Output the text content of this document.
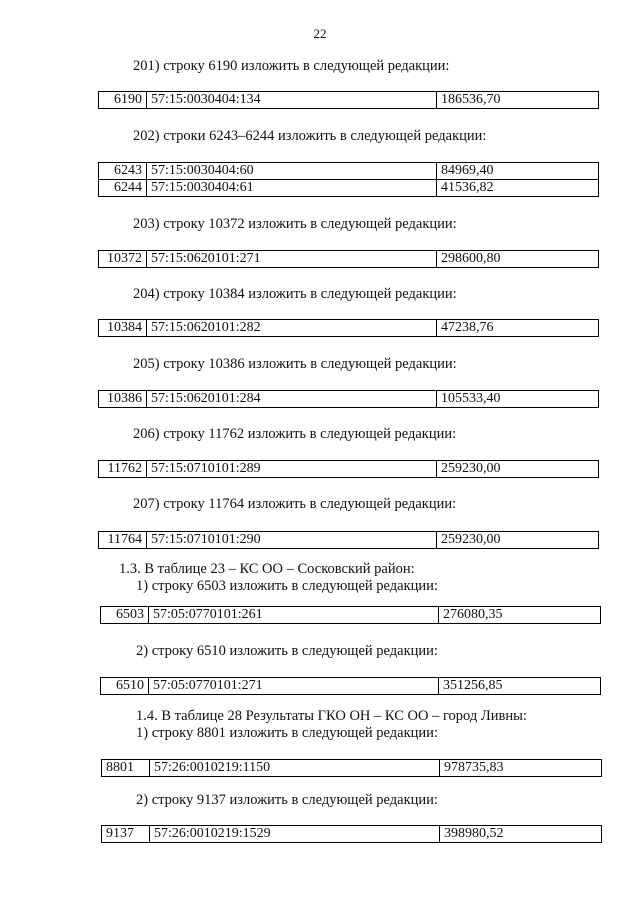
22
201) строку 6190 изложить в следующей редакции:
6190	57:15:0030404:134	186536,70
202) строки 6243–6244 изложить в следующей редакции:
6243	57:15:0030404:60	84969,40
6244	57:15:0030404:61	41536,82
203) строку 10372 изложить в следующей редакции:
10372	57:15:0620101:271	298600,80
204) строку 10384 изложить в следующей редакции:
10384	57:15:0620101:282	47238,76
205) строку 10386 изложить в следующей редакции:
10386	57:15:0620101:284	105533,40
206) строку 11762 изложить в следующей редакции:
11762	57:15:0710101:289	259230,00
207) строку 11764 изложить в следующей редакции:
11764	57:15:0710101:290	259230,00
1.3. В таблице 23 – КС ОО – Сосковский район:
1) строку 6503 изложить в следующей редакции:
6503	57:05:0770101:261	276080,35
2) строку 6510 изложить в следующей редакции:
6510	57:05:0770101:271	351256,85
1.4. В таблице 28 Результаты ГКО ОН – КС ОО – город Ливны:
1) строку 8801 изложить в следующей редакции:
8801	57:26:0010219:1150	978735,83
2) строку 9137 изложить в следующей редакции:
9137	57:26:0010219:1529	398980,52
